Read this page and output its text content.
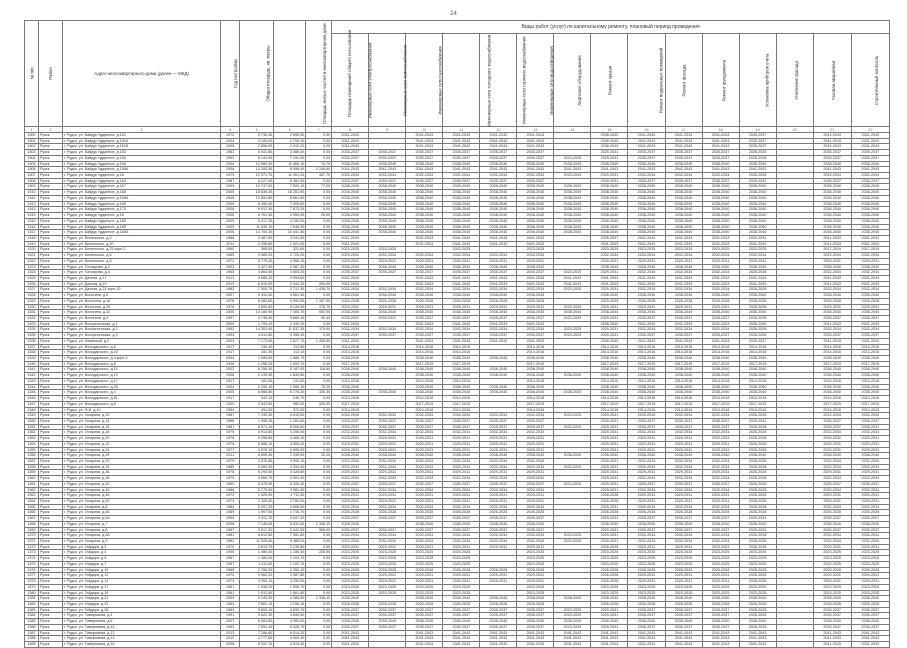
24
№ п/п	Район	Адрес многоквартирного дома (далее — МКД)	Год постройки	Общая площадь, кв. метры	Площадь жилых частей в многоквартирном доме	Площадь помещений общего пользования	Виды работ (услуг) по капитальному ремонту, плановый период проведения														
							Инженерные сети электроснабжения	Инженерные сети теплоснабжения	Инженерные сети газоснабжения	Инженерные сети холодного водоснабжения	Инженерные сети горячего водоснабжения	Инженерные сети водоотведения	Лифтовое оборудование	Ремонт крыши	Ремонт подвальных помещений	Ремонт фасада	Ремонт фундамента	Установка приборов учёта	Утепление фасада	Газовая аварийная	Строительный контроль
1	2	3	4	5	6	7	8	9	10	11	12	13	14	15	16	17	18	19	20	21	22
1500	Рузск	г. Рудск, ул. Байдук Удданное, д.151	1972	5 735,40	2 695,50	0,00	2041-2043		2041-2043	2041-2043	2041-2043	2041-2043		2038-2040	2041-2043	2041-2043	2041-2043	2035-2037		2041-2043	2041-2043
1501	Рузск	г. Рудск, ул. Байдук Удданное, д.151А	2004	3 100,00	2 705,10	0,00	2041-2043		2041-2043	2041-2043	2041-2043	2041-2043		2038-2040	2041-2043	2041-2043	2041-2043	2035-2037		2041-2043	2041-2043
1502	Рузск	г. Рудск, ул. Байдук Удданное, д.151Б	2008	2 856,00	2 410,20	0,00	2041-2043		2041-2043	2041-2043	2041-2043	2041-2043		2038-2040	2041-2043	2041-2043	2041-2043	2035-2037		2041-2043	2041-2043
1503	Рузск	г. Рудск, ул. Байдук Удданное, д.152	1983	4 041,80	3 486,40	0,00	2035-2037	2035-2037	2035-2037	2035-2037	2035-2037	2035-2037		2029-2031	2035-2037	2035-2037	2035-2037	2026-2028		2035-2037	2035-2037
1504	Рузск	г. Рудск, ул. Байдук Удданное, д.154	1992	8 143,90	7 152,00	0,00	2035-2037	2035-2037	2035-2037	2035-2037	2035-2037	2035-2037	2023-2025	2029-2031	2035-2037	2035-2037	2035-2037	2026-2028		2035-2037	2035-2037
1505	Рузск	г. Рудск, ул. Байдук Удданное, д.156	2004	12 980,30	11 466,10	76,70	2038-2040	2038-2040	2038-2040	2038-2040	2038-2040	2038-2040	2038-2040	2038-2040	2038-2040	2038-2040	2038-2040	2038-2040		2038-2040	2038-2040
1506	Рузск	г. Рудск, ул. Байдук Удданное, д.156А	2006	14 283,50	8 498,40	2 246,60	2041-2043	2041-2043	2041-2043	2041-2043	2041-2043	2041-2043	2041-2043	2041-2043	2041-2043	2041-2043	2041-2043	2041-2043		2041-2043	2041-2043
1507	Рузск	г. Рудск, ул. Байдук Удданное, д.16	1979	12 971,70	11 261,20	487,70	2032-2034	2032-2034	2032-2034	2032-2034	2032-2034	2032-2034	2023-2025	2029-2031	2032-2034	2032-2034	2032-2034	2026-2028		2032-2034	2032-2034
1508	Рузск	г. Рудск, ул. Байдук Удданное, д.164	1987	6 127,40	5 364,90	0,00	2035-2037	2035-2037	2035-2037	2035-2037	2035-2037	2035-2037		2029-2031	2035-2037	2035-2037	2035-2037	2029-2031		2035-2037	2035-2037
1509	Рузск	г. Рудск, ул. Байдук Удданное, д.167	2009	10 747,00	7 500,10	77,00	2038-2040	2038-2040	2038-2040	2038-2040	2038-2040	2038-2040	2038-2040	2038-2040	2038-2040	2038-2040	2038-2040	2038-2040		2038-2040	2038-2040
1510	Рузск	г. Рудск, ул. Байдук Удданное, д.168	2005	18 636,40	16 251,90	0,00	2038-2040	2038-2040	2038-2040	2038-2040	2038-2040	2038-2040	2038-2040	2038-2040	2038-2040	2038-2040	2038-2040	2038-2040		2038-2040	2038-2040
1511	Рузск	г. Рудск, ул. Байдук Удданное, д.168А	2005	12 651,80	8 661,80	0,00	2038-2040	2038-2040	2038-2040	2038-2040	2038-2040	2038-2040	2038-2040	2038-2040	2038-2040	2038-2040	2038-2040	2038-2040		2038-2040	2038-2040
1512	Рузск	г. Рудск, ул. Байдук Удданное, д.169	2005	8 450,90	7 300,60	0,00	2038-2040	2038-2040	2038-2040	2038-2040	2038-2040	2038-2040	2038-2040	2038-2040	2038-2040	2038-2040	2038-2040	2038-2040		2038-2040	2038-2040
1513	Рузск	г. Рудск, ул. Байдук Удданное, д.170	2006	9 912,30	7 873,20	0,00	2038-2040	2038-2040	2038-2040	2038-2040	2038-2040	2038-2040	2038-2040	2038-2040	2038-2040	2038-2040	2038-2040	2038-2040		2038-2040	2038-2040
1514	Рузск	г. Рудск, ул. Байдук Удданное, д.18	2006	6 761,90	4 950,00	25,00	2038-2040	2038-2040	2038-2040	2038-2040	2038-2040	2038-2040	2038-2040	2038-2040	2038-2040	2038-2040	2038-2040	2038-2040		2038-2040	2038-2040
1515	Рузск	г. Рудск, ул. Байдук Удданное, д.180	2005	5 017,20	4 150,00	0,00	2038-2040	2038-2040	2038-2040	2038-2040	2038-2040	2038-2040	2038-2040	2038-2040	2038-2040	2038-2040	2038-2040	2038-2040		2038-2040	2038-2040
1516	Рузск	г. Рудск, ул. Байдук Удданное, д.185	2005	11 635,10	7 648,30	0,00	2038-2040	2038-2040	2038-2040	2038-2040	2038-2040	2038-2040	2038-2040	2038-2040	2038-2040	2038-2040	2038-2040	2038-2040		2038-2040	2038-2040
1517	Рузск	г. Рудск, ул. Байдук Удданное, д.185А	2006	14 760,30	10 441,50	0,00	2038-2040	2038-2040	2038-2040	2038-2040	2038-2040	2038-2040	2038-2040	2038-2040	2038-2040	2038-2040	2038-2040	2038-2040		2038-2040	2038-2040
1518	Рузск	г. Рудск, ул. Белинского, д.3	1988	3 487,60	3 241,50	0,00	2041-2043		2041-2043	2041-2043	2041-2043	2041-2043		2035-2037	2041-2043	2041-2043	2041-2043	2029-2031		2041-2043	2041-2043
1519	Рузск	г. Рудск, ул. Белинского, д.20	2011	3 256,60	1 021,00	0,00	2041-2043		2041-2043	2041-2043	2041-2043	2041-2043		2041-2043	2041-2043	2041-2043	2041-2043	2041-2043		2041-2043	2041-2043
1520	Рузск	г. Рудск, ул. Белинского, д.25 корп.2	1960	368,00	322,60	0,00	2023-2025	2023-2025		2023-2025		2023-2025		2023-2025	2023-2025	2023-2025	2023-2025	2023-2025		2017-2019	2017-2019
1521	Рузск	г. Рудск, ул. Белинского, д.6	1965	3 589,00	2 725,20	0,00	2029-2031	2032-2034	2032-2034	2032-2034	2032-2034	2032-2034		2032-2034	2032-2034	2032-2034	2032-2034	2032-2034		2032-2034	2032-2034
1522	Рузск	г. Рудск, ул. Белинского, д.8	1972	5 775,40	4 950,10	0,00	2029-2031	2029-2031	2029-2031	2029-2031	2029-2031	2029-2031		2029-2031	2029-2031	2029-2031	2029-2031	2029-2031		2029-2031	2029-2031
1523	Рузск	г. Рудск, ул. Гончарова, д.2	2003	3 427,00	2 987,30	0,00	2038-2040	2038-2040	2038-2040	2038-2040	2038-2040	2038-2040		2038-2040	2038-2040	2038-2040	2038-2040	2038-2040		2038-2040	2038-2040
1524	Рузск	г. Рудск, ул. Гончарова, д.4	1968	4 864,50	3 805,20	0,00	2035-2037	2035-2037	2035-2037	2035-2037	2035-2037	2035-2037	2023-2025	2029-2031	2032-2034	2032-2034	2032-2034	2026-2028		2032-2034	2032-2034
1525	Рузск	г. Рудск, ул. Дачная, д.17	2013	4 685,20	3 993,60	0,00	2041-2043		2041-2043	2041-2043	2041-2043	2041-2043	2041-2043	2041-2043	2041-2043	2041-2043	2041-2043	2041-2043		2041-2043	2041-2043
1526	Рузск	г. Рудск, ул. Дачная, д.19	2013	6 519,00	2 344,20	264,00	2041-2043		2041-2043	2041-2043	2041-2043	2041-2043	2041-2043	2041-2043	2041-2043	2041-2043	2041-2043	2041-2043		2041-2043	2041-2043
1527	Рузск	г. Рудск, ул. Дачная, д.21 корп.10	1983	7 305,70	2 712,30	1 435,70	2032-2034	2032-2034	2032-2034	2032-2034	2032-2034	2032-2034	2023-2025	2029-2031	2032-2034	2032-2034	2032-2034	2026-2028		2032-2034	2032-2034
1528	Рузск	г. Рудск, ул. Вологина, д.6	2007	5 412,00	4 561,90	0,00	2038-2040	2038-2040	2038-2040	2038-2040	2038-2040	2038-2040		2038-2040	2038-2040	2038-2040	2038-2040	2038-2040		2038-2040	2038-2040
1529	Рузск	г. Рудск, ул. Вологина, д.16	1978	8 084,60	5 000,50	1 167,90	2026-2028	2026-2028	2026-2028	2026-2028	2026-2028	2026-2028		2023-2025	2026-2028	2026-2028	2026-2028	2026-2028		2026-2028	2026-2028
1530	Рузск	г. Рудск, ул. Вологина, д.26	1976	4 593,60	3 134,90	178,70	2029-2031	2029-2031	2029-2031	2029-2031	2029-2031	2029-2031	2023-2025	2029-2031	2029-2031	2029-2031	2029-2031	2026-2028		2029-2031	2029-2031
1531	Рузск	г. Рудск, ул. Вологина, д.32	2006	10 186,90	7 405,70	692,00	2038-2040	2038-2040	2038-2040	2038-2040	2038-2040	2038-2040	2038-2040	2038-2040	2038-2040	2038-2040	2038-2040	2038-2040		2038-2040	2038-2040
1532	Рузск	г. Рудск, ул. Вологина, д.4	1997	4 745,50	3 689,40	90,40	2035-2037	2035-2037	2035-2037	2035-2037	2035-2037	2035-2037	2023-2025	2029-2031	2035-2037	2035-2037	2035-2037	2026-2028		2035-2037	2035-2037
1533	Рузск	г. Рудск, ул. Воскресенская, д.1	2009	1 709,40	1 430,20	0,00	2041-2043		2041-2043	2041-2043	2041-2043	2041-2043		2038-2040	2041-2043	2041-2043	2041-2043	2038-2040		2041-2043	2041-2043
1534	Рузск	г. Рудск, ул. Воскресенская, д.1	1992	14 303,40	11 837,30	375,90	2032-2034	2032-2034	2032-2034	2032-2034	2032-2034	2032-2034	2023-2025	2029-2031	2032-2034	2032-2034	2032-2034	2026-2028		2032-2034	2032-2034
1535	Рузск	г. Рудск, ул. Воскресенская, д.3	1994	4 012,80	3 395,30	0,00	2035-2037	2035-2037	2035-2037	2035-2037	2035-2037	2035-2037	2023-2025	2029-2031	2035-2037	2035-2037	2035-2037	2026-2028		2035-2037	2035-2037
1536	Рузск	г. Рудск, ул. Ахвалный, д.2	2004	7 173,60	2 627,70	1 406,90	2041-2043		2041-2043	2041-2043	2041-2043	2041-2043		2038-2040	2041-2043	2041-2043	2041-2043	2035-2037		2041-2043	2041-2043
1537	Рузск	г. Рудск, ул. Володарского, д.6	1917	235,40	112,50	0,00	2014-2016		2014-2016	2014-2016		2014-2016		2014-2016	2014-2016	2014-2016	2014-2016	2014-2016		2014-2016	2014-2016
1538	Рузск	г. Рудск, ул. Володарского, д.10	1917	181,30	113,10	0,00	2014-2016		2014-2016	2014-2016		2014-2016		2014-2016	2014-2016	2014-2016	2014-2016	2014-2016		2014-2016	2014-2016
1539	Рузск	г. Рудск, ул. Володарского, д.4 корп.2	2004	1 990,60	1 586,70	0,00	2038-2040		2038-2040	2038-2040	2038-2040	2038-2040		2038-2040	2038-2040	2038-2040	2038-2040	2038-2040		2038-2040	2038-2040
1540	Рузск	г. Рудск, ул. Володарского, д.6	1938	1 255,20	1 053,70	0,00	2017-2019		2017-2019	2017-2019		2017-2019		2017-2019	2017-2019	2017-2019	2017-2019	2017-2019		2017-2019	2017-2019
1541	Рузск	г. Рудск, ул. Володарского, д.11	2002	6 256,30	5 187,00	118,60	2038-2040	2038-2040	2038-2040	2038-2040	2038-2040	2038-2040		2038-2040	2038-2040	2038-2040	2038-2040	2038-2040		2038-2040	2038-2040
1542	Рузск	г. Рудск, ул. Володарского, д.13	2008	2 139,50	1 839,50	0,00	2038-2040		2038-2040	2038-2040	2038-2040	2038-2040	2038-2040	2038-2040	2038-2040	2038-2040	2038-2040	2038-2040		2038-2040	2038-2040
1543	Рузск	г. Рудск, ул. Володарского, д.17	1917	181,50	132,00	0,00	2014-2016		2014-2016	2014-2016		2014-2016		2014-2016	2014-2016	2014-2016	2014-2016	2014-2016		2014-2016	2014-2016
1544	Рузск	г. Рудск, ул. Володарского, д.26	2004	2 290,10	1 995,10	75,20	2038-2040		2038-2040	2038-2040	2038-2040	2038-2040		2038-2040	2038-2040	2038-2040	2038-2040	2038-2040		2038-2040	2038-2040
1545	Рузск	г. Рудск, ул. Володарского, д.4	2005	6 566,80	5 776,30	330,40	2038-2040	2038-2040	2038-2040	2038-2040	2038-2040	2038-2040	2038-2040	2038-2040	2038-2040	2038-2040	2038-2040	2038-2040		2038-2040	2038-2040
1546	Рузск	г. Рудск, ул. Володарского, д.61	1917	342,10	245,70	0,00	2014-2016		2014-2016	2014-2016		2014-2016		2014-2016	2014-2016	2014-2016	2014-2016	2014-2016		2014-2016	2014-2016
1547	Рузск	г. Рудск, ул. Володарского, д.8	1930	2 043,50	950,00	525,90	2017-2019		2017-2019	2017-2019		2017-2019		2017-2019	2017-2019	2017-2019	2017-2019	2017-2019		2017-2019	2017-2019
1548	Рузск	г. Рудск, ул. Ф.И. д.10	1954	451,50	372,00	0,00	2014-2016		2014-2016	2014-2016		2014-2016		2014-2016	2014-2016	2014-2016	2014-2016	2014-2016		2014-2016	2014-2016
1549	Рузск	г. Рудск, ул. Гагарина, д.10	1987	7 245,30	4 615,00	0,00	2032-2034	2032-2034	2032-2034	2032-2034	2032-2034	2032-2034	2023-2025	2029-2031	2032-2034	2032-2034	2032-2034	2026-2028		2032-2034	2032-2034
1550	Рузск	г. Рудск, ул. Гагарина, д.14	1988	1 598,40	1 281,60	0,00	2035-2037	2035-2037	2035-2037	2035-2037	2035-2037	2035-2037		2029-2031	2035-2037	2035-2037	2035-2037	2029-2031		2035-2037	2035-2037
1551	Рузск	г. Рудск, ул. Гагарина, д.16	1981	8 571,10	6 908,60	0,00	2035-2037	2035-2037	2035-2037	2035-2037	2035-2037	2035-2037	2023-2025	2029-2031	2035-2037	2035-2037	2035-2037	2026-2028		2035-2037	2035-2037
1552	Рузск	г. Рудск, ул. Гагарина, д.18	1979	3 914,80	3 258,60	0,00	2032-2034	2032-2034	2032-2034	2032-2034	2032-2034	2032-2034		2029-2031	2032-2034	2032-2034	2032-2034	2026-2028		2032-2034	2032-2034
1553	Рузск	г. Рудск, ул. Гагарина, д.20	1976	5 058,60	4 466,10	0,00	2029-2031	2029-2031	2029-2031	2029-2031	2029-2031	2029-2031		2029-2031	2029-2031	2029-2031	2029-2031	2026-2028		2029-2031	2029-2031
1554	Рузск	г. Рудск, ул. Гагарина, д.22	1976	5 688,10	4 566,20	0,00	2029-2031	2029-2031	2029-2031	2029-2031	2029-2031	2029-2031		2029-2031	2029-2031	2029-2031	2029-2031	2026-2028		2029-2031	2029-2031
1555	Рузск	г. Рудск, ул. Гагарина, д.24	1977	4 576,10	3 905,90	0,00	2029-2031	2029-2031	2029-2031	2029-2031	2029-2031	2029-2031		2029-2031	2029-2031	2029-2031	2029-2031	2026-2028		2029-2031	2029-2031
1556	Рузск	г. Рудск, ул. Гагарина, д.26	2011	8 850,30	7 249,00	25,20	2038-2040	2038-2040	2038-2040	2038-2040	2038-2040	2038-2040	2038-2040	2038-2040	2038-2040	2038-2040	2038-2040	2038-2040		2038-2040	2038-2040
1557	Рузск	г. Рудск, ул. Гагарина, д.30	1979	4 576,80	3 905,10	0,00	2032-2034	2032-2034	2032-2034	2032-2034	2032-2034	2032-2034		2029-2031	2032-2034	2032-2034	2032-2034	2026-2028		2032-2034	2032-2034
1558	Рузск	г. Рудск, ул. Гагарина, д.34	1985	5 605,40	4 354,00	0,00	2032-2034	2032-2034	2032-2034	2032-2034	2032-2034	2032-2034	2023-2025	2029-2031	2032-2034	2032-2034	2032-2034	2026-2028		2032-2034	2032-2034
1559	Рузск	г. Рудск, ул. Гагарина, д.36	1978	5 293,00	4 428,80	0,00	2029-2031	2029-2031	2029-2031	2029-2031	2029-2031	2029-2031		2029-2031	2029-2031	2029-2031	2029-2031	2026-2028		2029-2031	2029-2031
1560	Рузск	г. Рудск, ул. Гагарина, д.38	1979	4 566,70	3 901,40	0,00	2032-2034	2032-2034	2032-2034	2032-2034	2032-2034	2032-2034		2029-2031	2032-2034	2032-2034	2032-2034	2026-2028		2032-2034	2032-2034
1561	Рузск	г. Рудск, ул. Гагарина, д.40	1990	6 075,00	5 326,40	0,00	2035-2037	2035-2037	2035-2037	2035-2037	2035-2037	2035-2037	2023-2025	2029-2031	2035-2037	2035-2037	2035-2037	2026-2028		2035-2037	2035-2037
1562	Рузск	г. Рудск, ул. Гагарина, д.42	1986	5 779,30	4 981,90	0,00	2032-2034	2032-2034	2032-2034	2032-2034	2032-2034	2032-2034		2029-2031	2032-2034	2032-2034	2032-2034	2026-2028		2032-2034	2032-2034
1563	Рузск	г. Рудск, ул. Гагарина, д.48	1972	1 929,00	1 711,30	0,00	2029-2031	2029-2031	2029-2031	2029-2031	2029-2031	2029-2031		2026-2028	2029-2031	2029-2031	2029-2031	2026-2028		2029-2031	2029-2031
1564	Рузск	г. Рудск, ул. Гагарина, д.50	1974	2 325,00	2 150,00	0,00	2029-2031	2029-2031	2029-2031	2029-2031	2029-2031	2029-2031		2026-2028	2029-2031	2029-2031	2029-2031	2026-2028		2029-2031	2029-2031
1565	Рузск	г. Рудск, ул. Гагарина, д.6	1984	5 497,20	4 656,50	0,00	2032-2034	2032-2034	2032-2034	2032-2034	2032-2034	2032-2034		2029-2031	2032-2034	2032-2034	2032-2034	2026-2028		2032-2034	2032-2034
1566	Рузск	г. Рудск, ул. Гагарина, д.64	1969	1 997,60	1 716,70	0,00	2026-2028	2026-2028	2026-2028	2026-2028	2026-2028	2026-2028		2026-2028	2026-2028	2026-2028	2026-2028	2026-2028		2026-2028	2026-2028
1567	Рузск	г. Рудск, ул. Гагарина, д.6А	1999	4 312,70	3 647,30	0,00	2035-2037	2035-2037	2035-2037	2035-2037	2035-2037	2035-2037		2029-2031	2035-2037	2035-2037	2035-2037	2029-2031		2035-2037	2035-2037
1568	Рузск	г. Рудск, ул. Гагарина, д.7	2006	7 146,00	5 531,50	1 346,10	2038-2040		2038-2040	2038-2040	2038-2040	2038-2040		2038-2040	2038-2040	2038-2040	2038-2040	2038-2040		2038-2040	2038-2040
1569	Рузск	г. Рудск, ул. Гагарина, д.8	1987	3 917,20	3 342,50	565,00	2035-2037	2035-2037	2035-2037	2035-2037	2035-2037	2035-2037		2029-2031	2035-2037	2035-2037	2035-2037	2029-2031		2035-2037	2035-2037
1570	Рузск	г. Рудск, ул. Гагарина, д.8А	1981	8 612,60	7 081,60	0,00	2032-2034	2032-2034	2032-2034	2032-2034	2032-2034	2032-2034	2023-2025	2029-2031	2032-2034	2032-2034	2032-2034	2026-2028		2032-2034	2032-2034
1571	Рузск	г. Рудск, ул. Гагарина, д.9	1982	11 025,60	9 388,00	0,00	2032-2034	2032-2034	2032-2034	2032-2034	2032-2034	2032-2034	2023-2025	2029-2031	2032-2034	2032-2034	2032-2034	2026-2028		2032-2034	2032-2034
1572	Рузск	г. Рудск, ул. Гайдара, д.3	1970	3 813,70	3 239,60	0,00	2029-2031	2029-2031	2029-2031	2029-2031	2029-2031	2029-2031		2026-2028	2029-2031	2029-2031	2029-2031	2026-2028		2029-2031	2029-2031
1573	Рузск	г. Рудск, ул. Гайдара, д.4	1956	1 480,00	1 156,30	225,00	2023-2025	2023-2025	2023-2025	2023-2025		2023-2025		2023-2025	2023-2025	2023-2025	2023-2025	2023-2025		2023-2025	2023-2025
1574	Рузск	г. Рудск, ул. Гайдара, д.5	1957	1 400,00	1 104,70	0,00	2023-2025	2023-2025	2023-2025	2023-2025		2023-2025		2023-2025	2023-2025	2023-2025	2023-2025	2023-2025		2023-2025	2023-2025
1575	Рузск	г. Рудск, ул. Гайдара, д.7	1957	1 411,60	1 153,70	0,00	2023-2025	2023-2025	2023-2025	2023-2025		2023-2025		2023-2025	2023-2025	2023-2025	2023-2025	2023-2025		2023-2025	2023-2025
1576	Рузск	г. Рудск, ул. Гайдара, д.10	1965	2 755,20	2 352,10	0,00	2026-2028	2026-2028	2026-2028	2026-2028	2026-2028	2026-2028		2026-2028	2026-2028	2026-2028	2026-2028	2026-2028		2026-2028	2026-2028
1577	Рузск	г. Рудск, ул. Гайдара, д.12	1974	3 962,20	3 387,80	0,00	2029-2031	2029-2031	2029-2031	2029-2031	2029-2031	2029-2031		2026-2028	2029-2031	2029-2031	2029-2031	2026-2028		2029-2031	2029-2031
1578	Рузск	г. Рудск, ул. Гайдара, д.14	1974	3 954,10	3 290,00	0,00	2029-2031	2029-2031	2029-2031	2029-2031	2029-2031	2029-2031		2026-2028	2029-2031	2029-2031	2029-2031	2026-2028		2029-2031	2029-2031
1579	Рузск	г. Рудск, ул. Гайдара, д.17	1961	1 938,20	1 508,70	0,00	2023-2025	2023-2025	2023-2025	2023-2025		2023-2025		2023-2025	2023-2025	2023-2025	2023-2025	2023-2025		2023-2025	2023-2025
1580	Рузск	г. Рудск, ул. Гайдара, д.19	1961	1 931,60	1 561,80	0,00	2023-2025	2023-2025	2023-2025	2023-2025		2023-2025		2023-2025	2023-2025	2023-2025	2023-2025	2023-2025		2023-2025	2023-2025
1581	Рузск	г. Рудск, ул. Гайдара, д.21	2009	5 143,30	4 386,50	1 346,10	2038-2040		2038-2040	2038-2040	2038-2040	2038-2040	2038-2040	2038-2040	2038-2040	2038-2040	2038-2040	2038-2040		2038-2040	2038-2040
1582	Рузск	г. Рудск, ул. Гайдара, д.23	1964	2 661,10	2 156,10	0,00	2026-2028	2026-2028	2026-2028	2026-2028	2026-2028	2026-2028		2026-2028	2026-2028	2026-2028	2026-2028	2026-2028		2026-2028	2026-2028
1583	Рузск	г. Рудск, ул. Гайдара, д.26	1989	5 609,10	4 833,70	0,00	2035-2037	2035-2037	2035-2037	2035-2037	2035-2037	2035-2037	2023-2025	2029-2031	2035-2037	2035-2037	2035-2037	2026-2028		2035-2037	2035-2037
1584	Рузск	г. Рудск, ул. Тимирязева, д.4	1991	5 622,30	4 845,50	0,00	2035-2037	2035-2037	2035-2037	2035-2037	2035-2037	2035-2037	2023-2025	2029-2031	2035-2037	2035-2037	2035-2037	2026-2028		2035-2037	2035-2037
1585	Рузск	г. Рудск, ул. Тимирязева, д.6	2007	6 004,80	4 900,00	0,00	2038-2040	2038-2040	2038-2040	2038-2040	2038-2040	2038-2040	2038-2040	2038-2040	2038-2040	2038-2040	2038-2040	2038-2040		2038-2040	2038-2040
1586	Рузск	г. Рудск, ул. Тимирязева, д.10	1993	7 591,40	6 428,70	0,00	2035-2037	2035-2037	2035-2037	2035-2037	2035-2037	2035-2037	2023-2025	2029-2031	2035-2037	2035-2037	2035-2037	2026-2028		2035-2037	2035-2037
1587	Рузск	г. Рудск, ул. Тимирязева, д.12	2013	7 186,80	6 014,30	0,00	2041-2043		2041-2043	2041-2043	2041-2043	2041-2043	2041-2043	2041-2043	2041-2043	2041-2043	2041-2043	2041-2043		2041-2043	2041-2043
1588	Рузск	г. Рудск, ул. Тимирязева, д.14	2010	4 777,60	4 060,40	0,00	2041-2043		2041-2043	2041-2043	2041-2043	2041-2043	2041-2043	2041-2043	2041-2043	2041-2043	2041-2043	2041-2043		2041-2043	2041-2043
1589	Рузск	г. Рудск, ул. Тимирязева, д.16	2008	5 222,70	4 513,40	0,00	2041-2043		2041-2043	2041-2043	2041-2043	2041-2043	2041-2043	2041-2043	2041-2043	2041-2043	2041-2043	2041-2043		2041-2043	2041-2043
